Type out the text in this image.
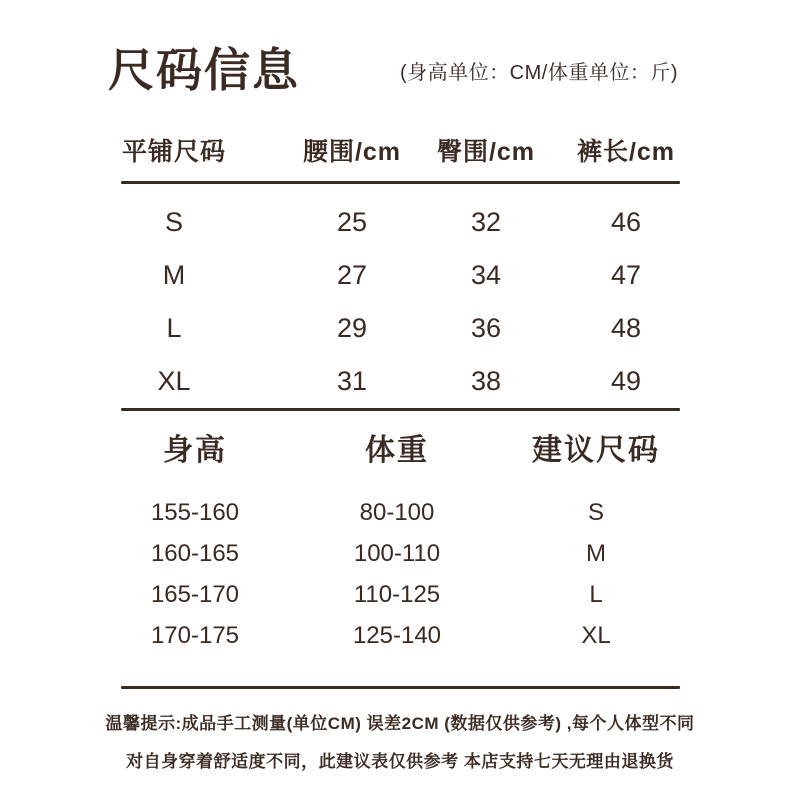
尺码信息	(身高单位：CM/体重单位：斤)
平铺尺码
S
M
L
XL
腰围/cm
25
27
29
31
臀围/cm
32
34
36
38
裤长/cm
46
47
48
49
身高
155-160
160-165
165-170
170-175
体重
80-100
100-110
110-125
125-140
建议尺码
S
M
L
XL
温馨提示:成品手工测量(单位CM) 误差2CM (数据仅供参考) ,每个人体型不同
对自身穿着舒适度不同，此建议表仅供参考 本店支持七天无理由退换货
